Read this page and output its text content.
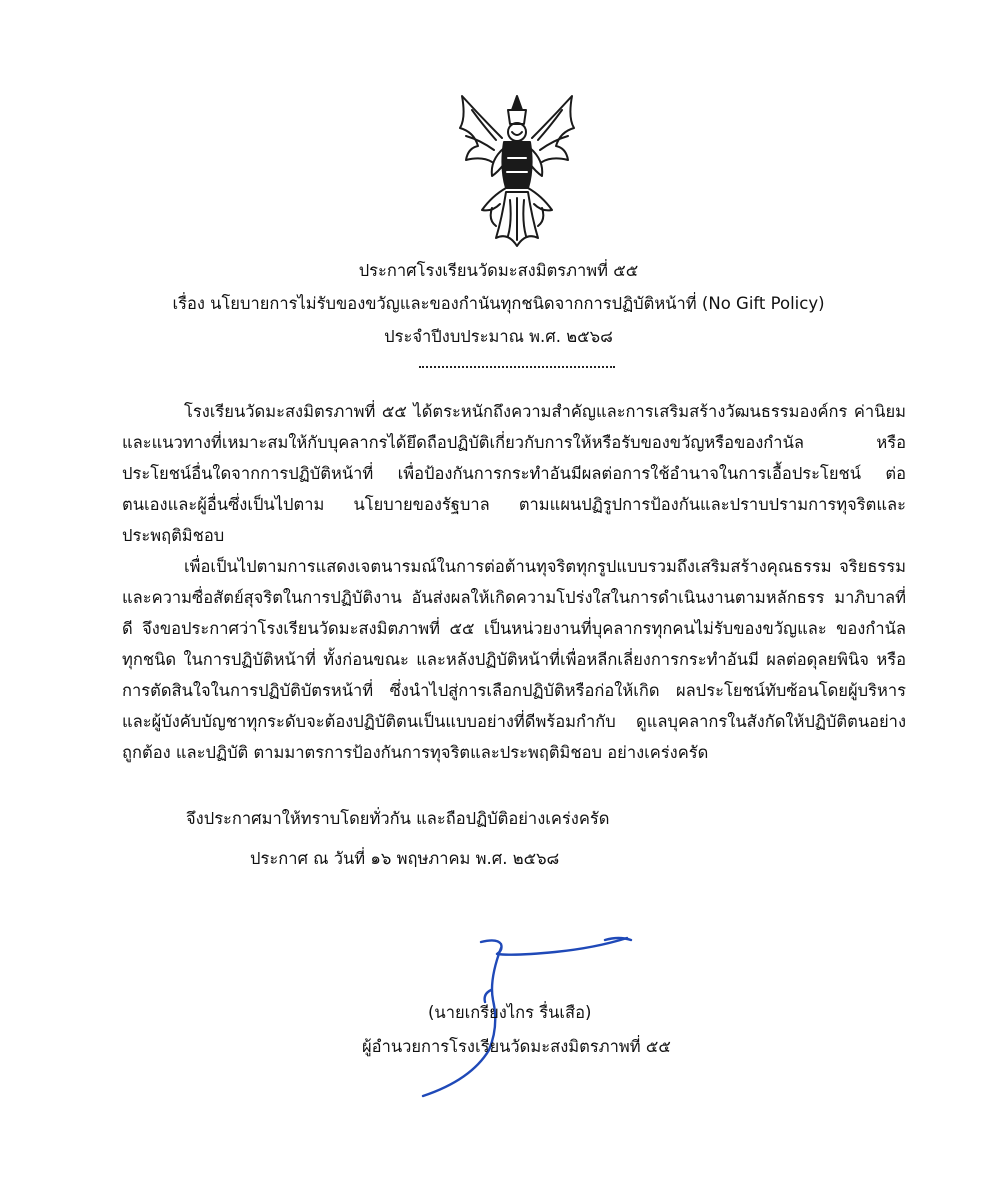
ประกาศโรงเรียนวัดมะสงมิตรภาพที่ ๕๕
เรื่อง นโยบายการไม่รับของขวัญและของกำนันทุกชนิดจากการปฏิบัติหน้าที่ (No Gift Policy)
ประจำปีงบประมาณ พ.ศ. ๒๕๖๘
โรงเรียนวัดมะสงมิตรภาพที่ ๕๕ ได้ตระหนักถึงความสำคัญและการเสริมสร้างวัฒนธรรมองค์กร ค่านิยม และแนวทางที่เหมาะสมให้กับบุคลากรได้ยึดถือปฏิบัติเกี่ยวกับการให้หรือรับของขวัญหรือของกำนัล หรือประโยชน์อื่นใดจากการปฏิบัติหน้าที่ เพื่อป้องกันการกระทำอันมีผลต่อการใช้อำนาจในการเอื้อประโยชน์ ต่อตนเองและผู้อื่นซึ่งเป็นไปตาม นโยบายของรัฐบาล ตามแผนปฏิรูปการป้องกันและปราบปรามการทุจริตและ ประพฤติมิชอบ
เพื่อเป็นไปตามการแสดงเจตนารมณ์ในการต่อต้านทุจริตทุกรูปแบบรวมถึงเสริมสร้างคุณธรรม จริยธรรมและความซื่อสัตย์สุจริตในการปฏิบัติงาน อันส่งผลให้เกิดความโปร่งใสในการดำเนินงานตามหลักธรร มาภิบาลที่ดี จึงขอประกาศว่าโรงเรียนวัดมะสงมิตภาพที่ ๕๕ เป็นหน่วยงานที่บุคลากรทุกคนไม่รับของขวัญและ ของกำนัล ทุกชนิด ในการปฏิบัติหน้าที่ ทั้งก่อนขณะ และหลังปฏิบัติหน้าที่เพื่อหลีกเลี่ยงการกระทำอันมี ผลต่อดุลยพินิจ หรือการตัดสินใจในการปฏิบัติบัตรหน้าที่ ซึ่งนำไปสู่การเลือกปฏิบัติหรือก่อให้เกิด ผลประโยชน์ทับซ้อนโดยผู้บริหารและผู้บังคับบัญชาทุกระดับจะต้องปฏิบัติตนเป็นแบบอย่างที่ดีพร้อมกำกับ ดูแลบุคลากรในสังกัดให้ปฏิบัติตนอย่างถูกต้อง และปฏิบัติ ตามมาตรการป้องกันการทุจริตและประพฤติมิชอบ อย่างเคร่งครัด
จึงประกาศมาให้ทราบโดยทั่วกัน และถือปฏิบัติอย่างเคร่งครัด
ประกาศ ณ วันที่ ๑๖ พฤษภาคม พ.ศ. ๒๕๖๘
(นายเกรียงไกร รื่นเสือ)
ผู้อำนวยการโรงเรียนวัดมะสงมิตรภาพที่ ๕๕
